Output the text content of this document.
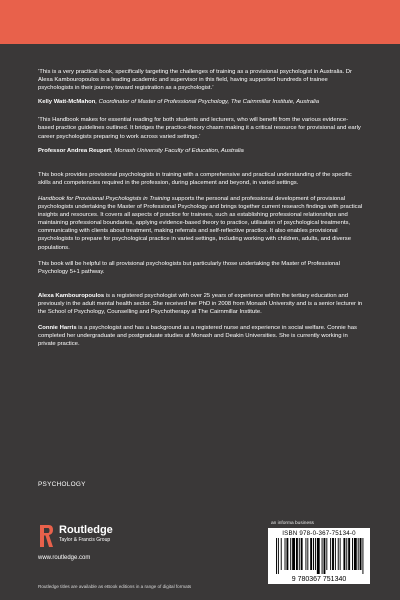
‘This is a very practical book, specifically targeting the challenges of training as a provisional psychologist in Australia. Dr Alexa Kambouropoulos is a leading academic and supervisor in this field, having supported hundreds of trainee psychologists in their journey toward registration as a psychologist.’

Kelly Watt-McMahon, Coordinator of Master of Professional Psychology, The Cairnmillar Institute, Australia

‘This Handbook makes for essential reading for both students and lecturers, who will benefit from the various evidence-based practice guidelines outlined. It bridges the practice-theory chasm making it a critical resource for provisional and early career psychologists preparing to work across varied settings.’

Professor Andrea Reupert, Monash University Faculty of Education, Australia

This book provides provisional psychologists in training with a comprehensive and practical understanding of the specific skills and competencies required in the profession, during placement and beyond, in varied settings.

Handbook for Provisional Psychologists in Training supports the personal and professional development of provisional psychologists undertaking the Master of Professional Psychology and brings together current research findings with practical insights and resources. It covers all aspects of practice for trainees, such as establishing professional relationships and maintaining professional boundaries, applying evidence-based theory to practice, utilisation of psychological treatments, communicating with clients about treatment, making referrals and self-reflective practice. It also enables provisional psychologists to prepare for psychological practice in varied settings, including working with children, adults, and diverse populations.

This book will be helpful to all provisional psychologists but particularly those undertaking the Master of Professional Psychology 5+1 pathway.

Alexa Kambouropoulos is a registered psychologist with over 25 years of experience within the tertiary education and previously in the adult mental health sector. She received her PhD in 2008 from Monash University and is a senior lecturer in the School of Psychology, Counselling and Psychotherapy at The Cairnmillar Institute.

Connie Harris is a psychologist and has a background as a registered nurse and experience in social welfare. Connie has completed her undergraduate and postgraduate studies at Monash and Deakin Universities. She is currently working in private practice.

PSYCHOLOGY
Routledge
Taylor & Francis Group
www.routledge.com
an informa business
ISBN 978-0-367-75134-0
9 780367 751340
Routledge titles are available as eBook editions in a range of digital formats
